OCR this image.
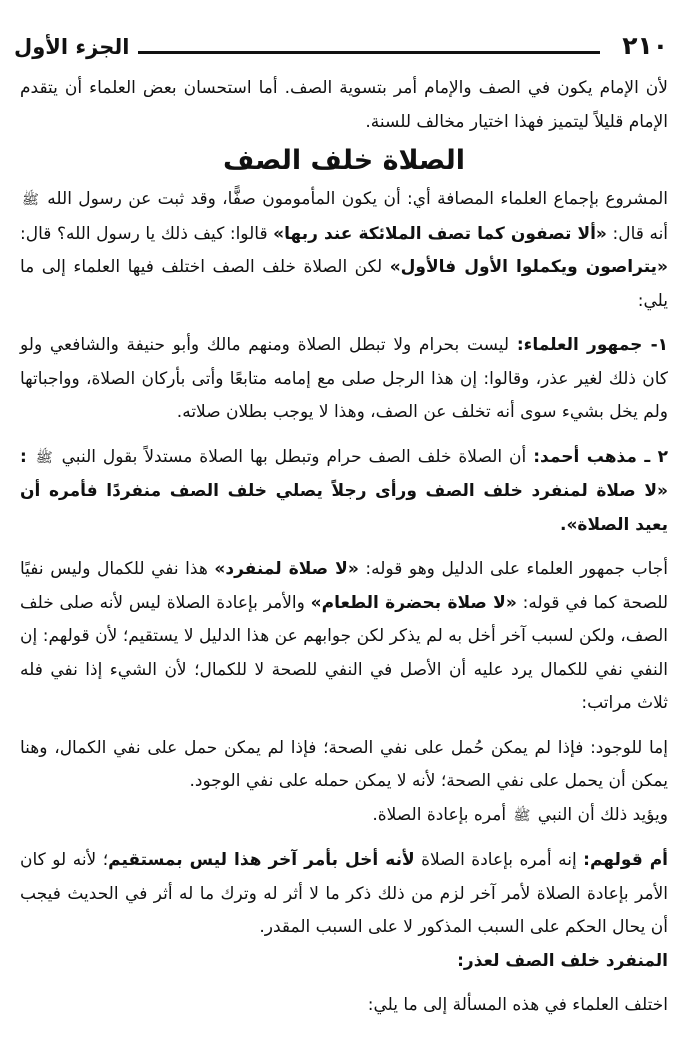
٢١٠
الجزء الأول

لأن الإمام يكون في الصف والإمام أمر بتسوية الصف. أما استحسان بعض العلماء أن يتقدم الإمام قليلاً ليتميز فهذا اختيار مخالف للسنة.

الصلاة خلف الصف

المشروع بإجماع العلماء المصافة أي: أن يكون المأمومون صفًّا، وقد ثبت عن رسول الله ﷺ أنه قال: «ألا تصفون كما تصف الملائكة عند ربها» قالوا: كيف ذلك يا رسول الله؟ قال: «يتراصون ويكملوا الأول فالأول» لكن الصلاة خلف الصف اختلف فيها العلماء إلى ما يلي:

١- جمهور العلماء: ليست بحرام ولا تبطل الصلاة ومنهم مالك وأبو حنيفة والشافعي ولو كان ذلك لغير عذر، وقالوا: إن هذا الرجل صلى مع إمامه متابعًا وأتى بأركان الصلاة، وواجباتها ولم يخل بشيء سوى أنه تخلف عن الصف، وهذا لا يوجب بطلان صلاته.

٢ ـ مذهب أحمد: أن الصلاة خلف الصف حرام وتبطل بها الصلاة مستدلاً بقول النبي ﷺ : «لا صلاة لمنفرد خلف الصف ورأى رجلاً يصلي خلف الصف منفردًا فأمره أن يعيد الصلاة».

أجاب جمهور العلماء على الدليل وهو قوله: «لا صلاة لمنفرد» هذا نفي للكمال وليس نفيًا للصحة كما في قوله: «لا صلاة بحضرة الطعام» والأمر بإعادة الصلاة ليس لأنه صلى خلف الصف، ولكن لسبب آخر أخل به لم يذكر لكن جوابهم عن هذا الدليل لا يستقيم؛ لأن قولهم: إن النفي نفي للكمال يرد عليه أن الأصل في النفي للصحة لا للكمال؛ لأن الشيء إذا نفي فله ثلاث مراتب:

إما للوجود: فإذا لم يمكن حُمل على نفي الصحة؛ فإذا لم يمكن حمل على نفي الكمال، وهنا يمكن أن يحمل على نفي الصحة؛ لأنه لا يمكن حمله على نفي الوجود.

ويؤيد ذلك أن النبي ﷺ أمره بإعادة الصلاة.

أم قولهم: إنه أمره بإعادة الصلاة لأنه أخل بأمر آخر هذا ليس بمستقيم؛ لأنه لو كان الأمر بإعادة الصلاة لأمر آخر لزم من ذلك ذكر ما لا أثر له وترك ما له أثر في الحديث فيجب أن يحال الحكم على السبب المذكور لا على السبب المقدر.

المنفرد خلف الصف لعذر:

اختلف العلماء في هذه المسألة إلى ما يلي:
